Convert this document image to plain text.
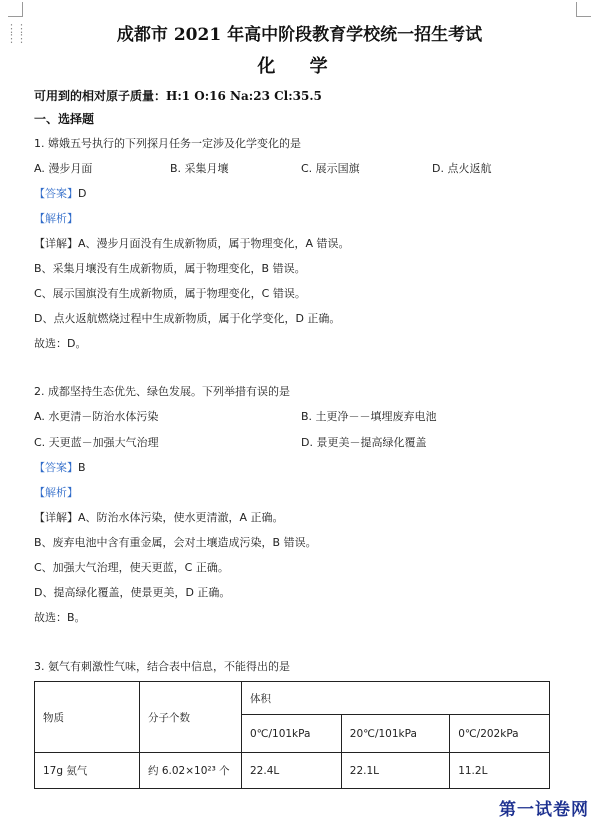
⋮⋮
⋮⋮	成都市 2021 年高中阶段教育学校统一招生考试
化 学
可用到的相对原子质量：H:1 O:16 Na:23 Cl:35.5
一、选择题
1. 嫦娥五号执行的下列探月任务一定涉及化学变化的是
A. 漫步月面	B. 采集月壤	C. 展示国旗	D. 点火返航
【答案】D
【解析】
【详解】A、漫步月面没有生成新物质，属于物理变化，A 错误。
B、采集月壤没有生成新物质，属于物理变化，B 错误。
C、展示国旗没有生成新物质，属于物理变化，C 错误。
D、点火返航燃烧过程中生成新物质，属于化学变化，D 正确。
故选：D。
2. 成都坚持生态优先、绿色发展。下列举措有误的是
A. 水更清－防治水体污染	B. 土更净－－填埋废弃电池
C. 天更蓝－加强大气治理	D. 景更美－提高绿化覆盖
【答案】B
【解析】
【详解】A、防治水体污染，使水更清澈，A 正确。
B、废弃电池中含有重金属，会对土壤造成污染，B 错误。
C、加强大气治理，使天更蓝，C 正确。
D、提高绿化覆盖，使景更美，D 正确。
故选：B。
3. 氨气有刺激性气味，结合表中信息，不能得出的是
物质	分子个数	体积		
		0℃/101kPa	20℃/101kPa	0℃/202kPa
17g 氨气	约 6.02×10²³ 个	22.4L	22.1L	11.2L
第一试卷网
